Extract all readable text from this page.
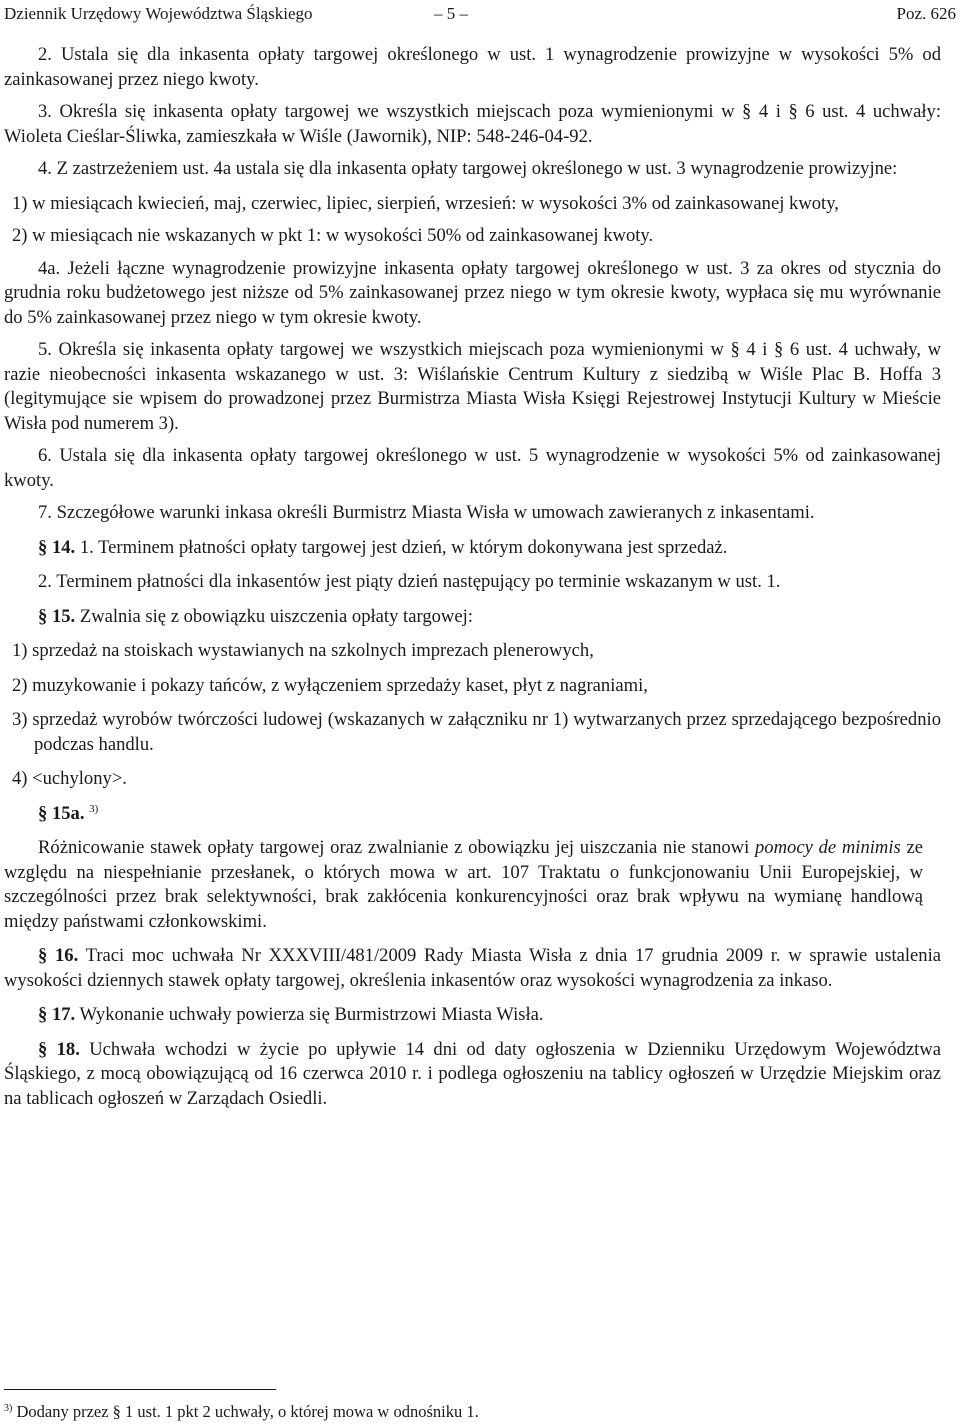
Dziennik Urzędowy Województwa Śląskiego	– 5 –	Poz. 626

2. Ustala się dla inkasenta opłaty targowej określonego w ust. 1 wynagrodzenie prowizyjne w wysokości 5% od zainkasowanej przez niego kwoty.

3. Określa się inkasenta opłaty targowej we wszystkich miejscach poza wymienionymi w § 4 i § 6 ust. 4 uchwały: Wioleta Cieślar-Śliwka, zamieszkała w Wiśle (Jawornik), NIP: 548-246-04-92.

4. Z zastrzeżeniem ust. 4a ustala się dla inkasenta opłaty targowej określonego w ust. 3 wynagrodzenie prowizyjne:

1) w miesiącach kwiecień, maj, czerwiec, lipiec, sierpień, wrzesień: w wysokości 3% od zainkasowanej kwoty,

2) w miesiącach nie wskazanych w pkt 1: w wysokości 50% od zainkasowanej kwoty.

4a. Jeżeli łączne wynagrodzenie prowizyjne inkasenta opłaty targowej określonego w ust. 3 za okres od stycznia do grudnia roku budżetowego jest niższe od 5% zainkasowanej przez niego w tym okresie kwoty, wypłaca się mu wyrównanie do 5% zainkasowanej przez niego w tym okresie kwoty.

5. Określa się inkasenta opłaty targowej we wszystkich miejscach poza wymienionymi w § 4 i § 6 ust. 4 uchwały, w razie nieobecności inkasenta wskazanego w ust. 3: Wiślańskie Centrum Kultury z siedzibą w Wiśle Plac B. Hoffa 3 (legitymujące sie wpisem do prowadzonej przez Burmistrza Miasta Wisła Księgi Rejestrowej Instytucji Kultury w Mieście Wisła pod numerem 3).

6. Ustala się dla inkasenta opłaty targowej określonego w ust. 5 wynagrodzenie w wysokości 5% od zainkasowanej kwoty.

7. Szczegółowe warunki inkasa określi Burmistrz Miasta Wisła w umowach zawieranych z inkasentami.

§ 14. 1. Terminem płatności opłaty targowej jest dzień, w którym dokonywana jest sprzedaż.

2. Terminem płatności dla inkasentów jest piąty dzień następujący po terminie wskazanym w ust. 1.

§ 15. Zwalnia się z obowiązku uiszczenia opłaty targowej:

1) sprzedaż na stoiskach wystawianych na szkolnych imprezach plenerowych,

2) muzykowanie i pokazy tańców, z wyłączeniem sprzedaży kaset, płyt z nagraniami,

3) sprzedaż wyrobów twórczości ludowej (wskazanych w załączniku nr 1) wytwarzanych przez sprzedającego bezpośrednio podczas handlu.

4) <uchylony>.

§ 15a. $^{3)}$

Różnicowanie stawek opłaty targowej oraz zwalnianie z obowiązku jej uiszczania nie stanowi pomocy de minimis ze względu na niespełnianie przesłanek, o których mowa w art. 107 Traktatu o funkcjonowaniu Unii Europejskiej, w szczególności przez brak selektywności, brak zakłócenia konkurencyjności oraz brak wpływu na wymianę handlową między państwami członkowskimi.

§ 16. Traci moc uchwała Nr XXXVIII/481/2009 Rady Miasta Wisła z dnia 17 grudnia 2009 r. w sprawie ustalenia wysokości dziennych stawek opłaty targowej, określenia inkasentów oraz wysokości wynagrodzenia za inkaso.

§ 17. Wykonanie uchwały powierza się Burmistrzowi Miasta Wisła.

§ 18. Uchwała wchodzi w życie po upływie 14 dni od daty ogłoszenia w Dzienniku Urzędowym Województwa Śląskiego, z mocą obowiązującą od 16 czerwca 2010 r. i podlega ogłoszeniu na tablicy ogłoszeń w Urzędzie Miejskim oraz na tablicach ogłoszeń w Zarządach Osiedli.

$^{3)}$ Dodany przez § 1 ust. 1 pkt 2 uchwały, o której mowa w odnośniku 1.
